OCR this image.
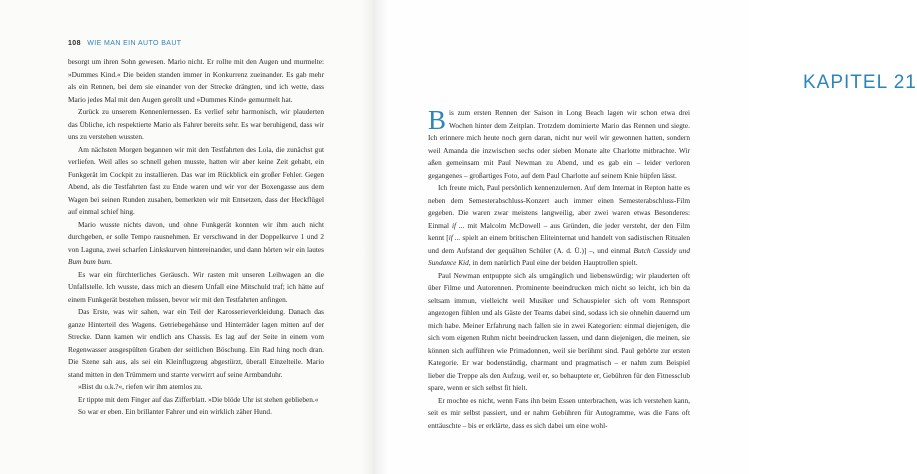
108 WIE MAN EIN AUTO BAUT

besorgt um ihren Sohn gewesen. Mario nicht. Er rollte mit den Augen und murmelte: »Dummes Kind.« Die beiden standen immer in Konkurrenz zueinander. Es gab mehr als ein Rennen, bei dem sie einander von der Strecke drängten, und ich wette, dass Mario jedes Mal mit den Augen gerollt und »Dummes Kind« gemurmelt hat.

Zurück zu unserem Kennenlernessen. Es verlief sehr harmonisch, wir plauderten das Übliche, ich respektierte Mario als Fahrer bereits sehr. Es war beruhigend, dass wir uns zu verstehen wussten.

Am nächsten Morgen begannen wir mit den Testfahrten des Lola, die zunächst gut verliefen. Weil alles so schnell gehen musste, hatten wir aber keine Zeit gehabt, ein Funkgerät im Cockpit zu installieren. Das war im Rückblick ein großer Fehler. Gegen Abend, als die Testfahrten fast zu Ende waren und wir vor der Boxengasse aus dem Wagen bei seinen Runden zusahen, bemerkten wir mit Entsetzen, dass der Heckflügel auf einmal schief hing.

Mario wusste nichts davon, und ohne Funkgerät konnten wir ihm auch nicht durchgeben, er solle Tempo rausnehmen. Er verschwand in der Doppelkurve 1 und 2 von Laguna, zwei scharfen Linkskurven hintereinander, und dann hörten wir ein lautes Bum bum bum.

Es war ein fürchterliches Geräusch. Wir rasten mit unseren Leihwagen an die Unfallstelle. Ich wusste, dass mich an diesem Unfall eine Mitschuld traf; ich hätte auf einem Funkgerät bestehen müssen, bevor wir mit den Testfahrten anfingen.

Das Erste, was wir sahen, war ein Teil der Karosserieverkleidung. Danach das ganze Hinterteil des Wagens. Getriebegehäuse und Hinterräder lagen mitten auf der Strecke. Dann kamen wir endlich ans Chassis. Es lag auf der Seite in einem vom Regenwasser ausgespülten Graben der seitlichen Böschung. Ein Rad hing noch dran. Die Szene sah aus, als sei ein Kleinflugzeug abgestürzt, überall Einzelteile. Mario stand mitten in den Trümmern und starrte verwirrt auf seine Armbanduhr.

»Bist du o.k.?«, riefen wir ihm atemlos zu.

Er tippte mit dem Finger auf das Zifferblatt. »Die blöde Uhr ist stehen geblieben.«

So war er eben. Ein brillanter Fahrer und ein wirklich zäher Hund.

KAPITEL 21

Bis zum ersten Rennen der Saison in Long Beach lagen wir schon etwa drei Wochen hinter dem Zeitplan. Trotzdem dominierte Mario das Rennen und siegte. Ich erinnere mich heute noch gern daran, nicht nur weil wir gewonnen hatten, sondern weil Amanda die inzwischen sechs oder sieben Monate alte Charlotte mitbrachte. Wir aßen gemeinsam mit Paul Newman zu Abend, und es gab ein – leider verloren gegangenes – großartiges Foto, auf dem Paul Charlotte auf seinem Knie hüpfen lässt.

Ich freute mich, Paul persönlich kennenzulernen. Auf dem Internat in Repton hatte es neben dem Semesterabschluss-Konzert auch immer einen Semesterabschluss-Film gegeben. Die waren zwar meistens langweilig, aber zwei waren etwas Besonderes: Einmal if ... mit Malcolm McDowell – aus Gründen, die jeder versteht, der den Film kennt [if ... spielt an einem britischen Eliteinternat und handelt von sadistischen Ritualen und dem Aufstand der gequälten Schüler (A. d. Ü.)] –, und einmal Butch Cassidy und Sundance Kid, in dem natürlich Paul eine der beiden Hauptrollen spielt.

Paul Newman entpuppte sich als umgänglich und liebenswürdig; wir plauderten oft über Filme und Autorennen. Prominente beeindrucken mich nicht so leicht, ich bin da seltsam immun, vielleicht weil Musiker und Schauspieler sich oft vom Rennsport angezogen fühlen und als Gäste der Teams dabei sind, sodass ich sie ohnehin dauernd um mich habe. Meiner Erfahrung nach fallen sie in zwei Kategorien: einmal diejenigen, die sich vom eigenen Ruhm nicht beeindrucken lassen, und dann diejenigen, die meinen, sie können sich aufführen wie Primadonnen, weil sie berühmt sind. Paul gehörte zur ersten Kategorie. Er war bodenständig, charmant und pragmatisch – er nahm zum Beispiel lieber die Treppe als den Aufzug, weil er, so behauptete er, Gebühren für den Fitnessclub spare, wenn er sich selbst fit hielt.

Er mochte es nicht, wenn Fans ihn beim Essen unterbrachen, was ich verstehen kann, seit es mir selbst passiert, und er nahm Gebühren für Autogramme, was die Fans oft enttäuschte – bis er erklärte, dass es sich dabei um eine wohl-
